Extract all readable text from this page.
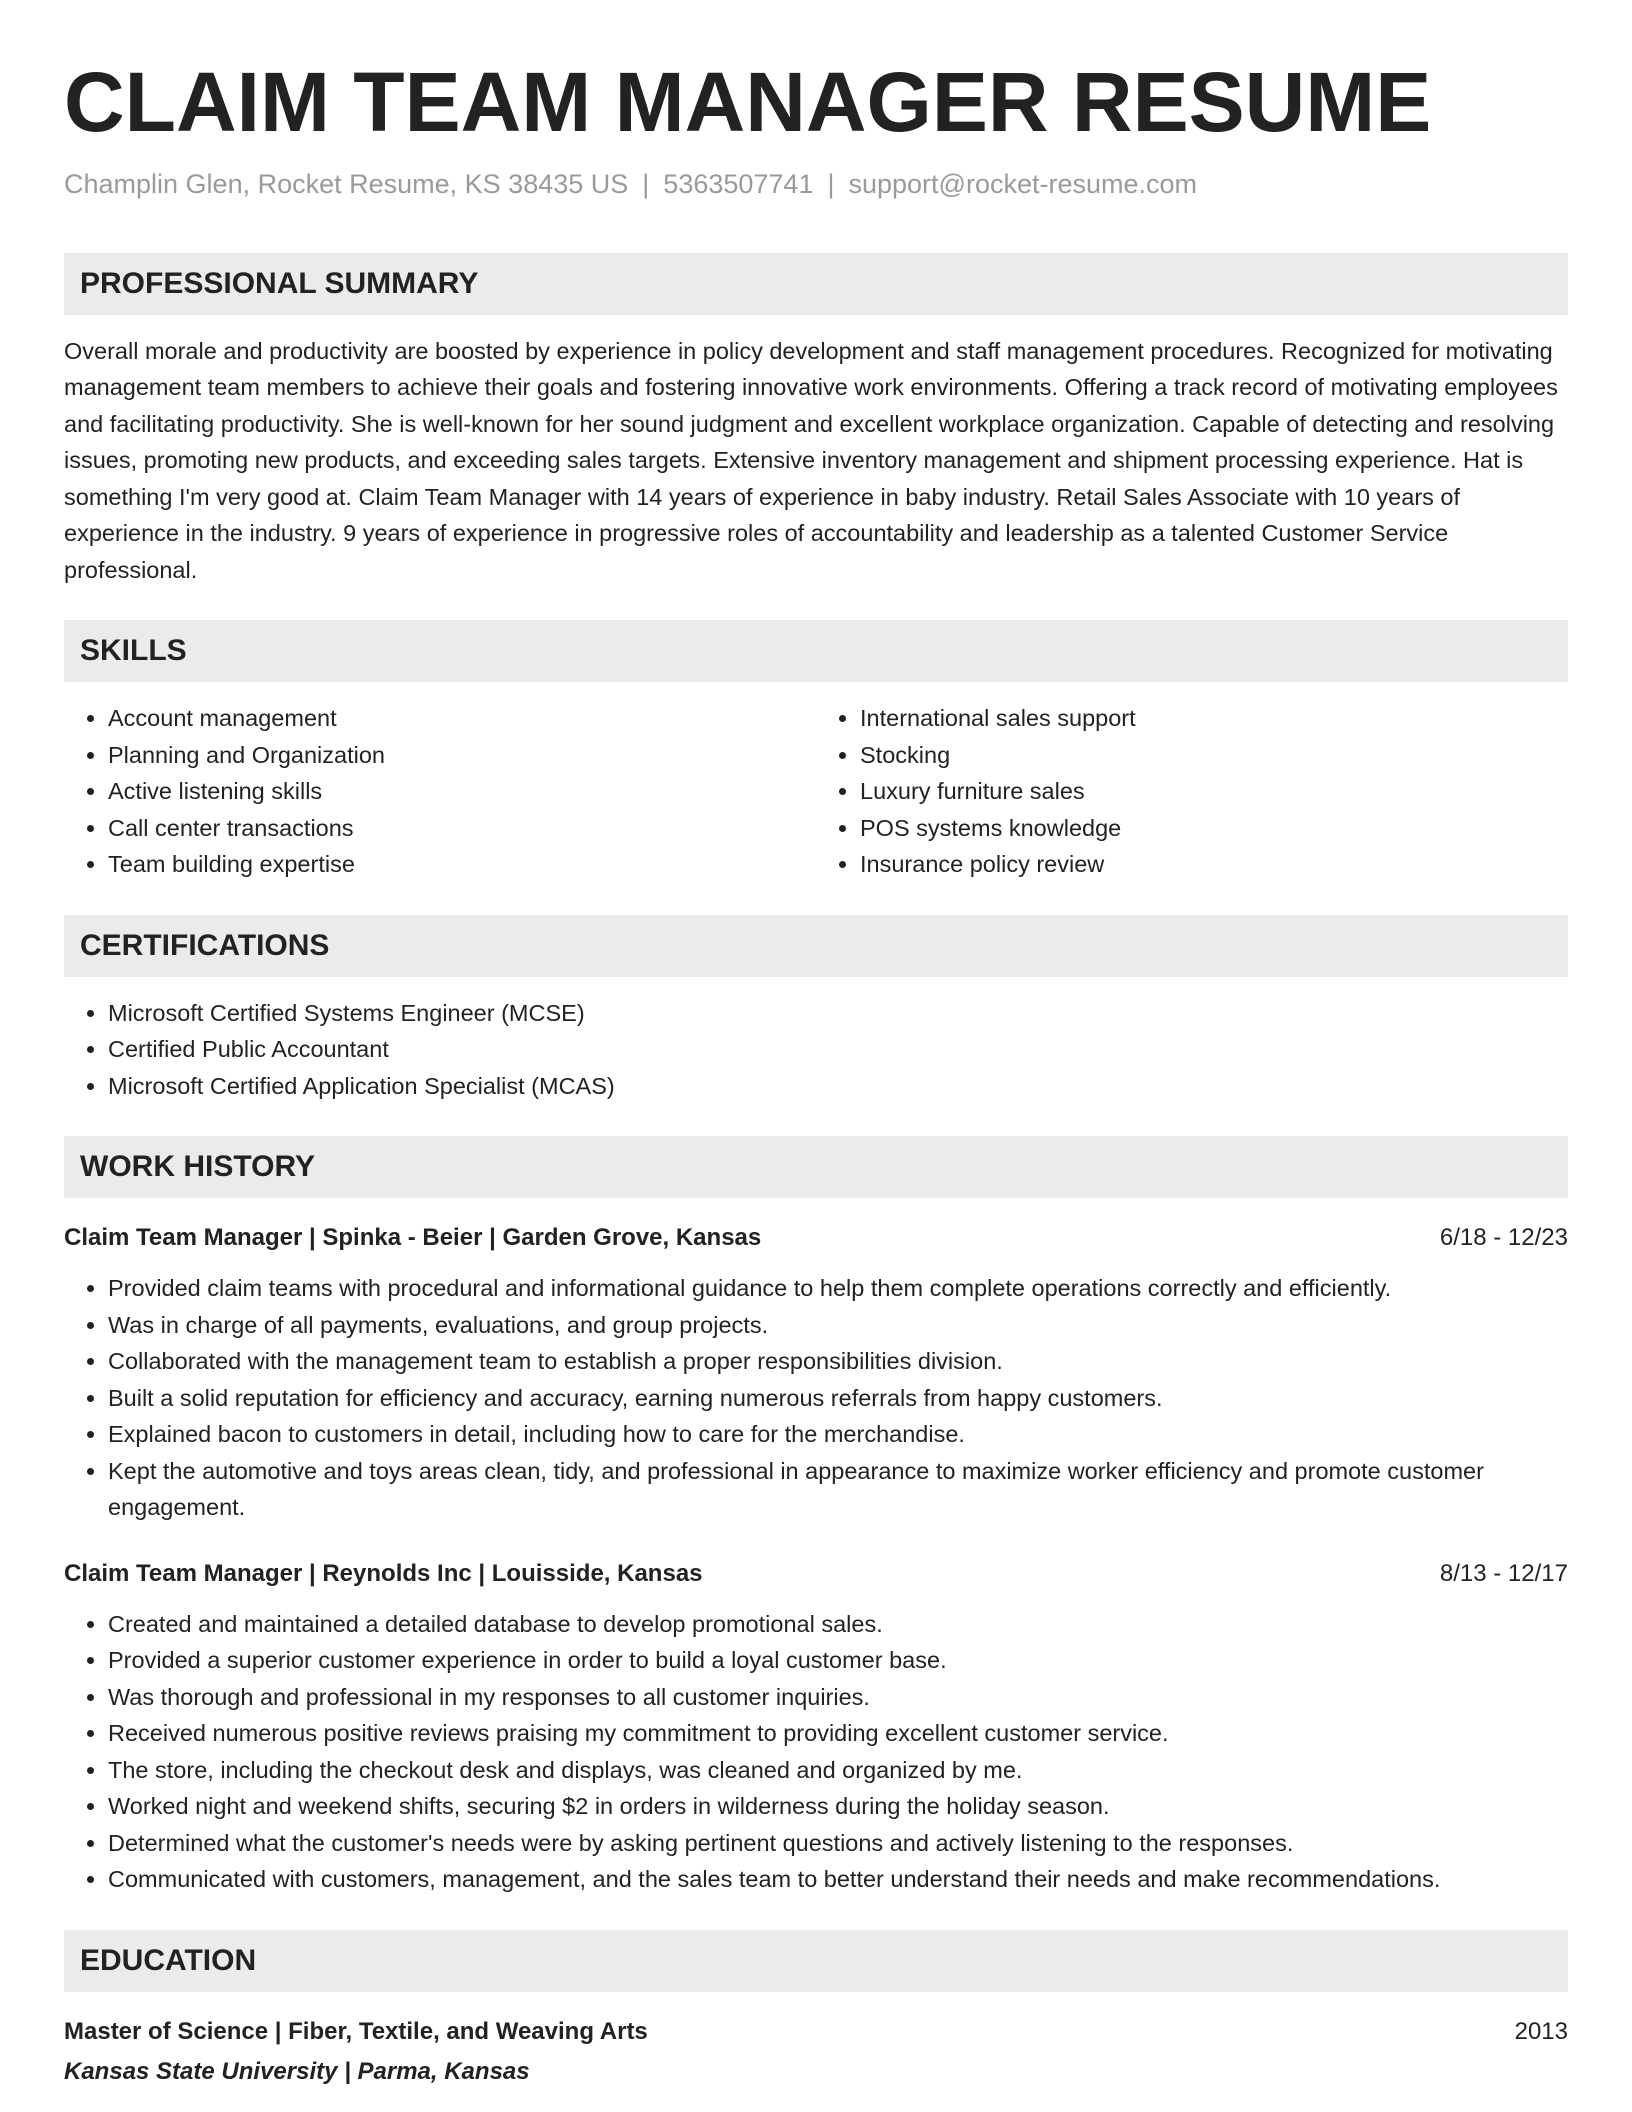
CLAIM TEAM MANAGER RESUME
Champlin Glen, Rocket Resume, KS 38435 US | 5363507741 | support@rocket-resume.com
PROFESSIONAL SUMMARY
Overall morale and productivity are boosted by experience in policy development and staff management procedures. Recognized for motivating management team members to achieve their goals and fostering innovative work environments. Offering a track record of motivating employees and facilitating productivity. She is well-known for her sound judgment and excellent workplace organization. Capable of detecting and resolving issues, promoting new products, and exceeding sales targets. Extensive inventory management and shipment processing experience. Hat is something I'm very good at. Claim Team Manager with 14 years of experience in baby industry. Retail Sales Associate with 10 years of experience in the industry. 9 years of experience in progressive roles of accountability and leadership as a talented Customer Service professional.
SKILLS
• Account management
• Planning and Organization
• Active listening skills
• Call center transactions
• Team building expertise
• International sales support
• Stocking
• Luxury furniture sales
• POS systems knowledge
• Insurance policy review
CERTIFICATIONS
• Microsoft Certified Systems Engineer (MCSE)
• Certified Public Accountant
• Microsoft Certified Application Specialist (MCAS)
WORK HISTORY
Claim Team Manager | Spinka - Beier | Garden Grove, Kansas	6/18 - 12/23
• Provided claim teams with procedural and informational guidance to help them complete operations correctly and efficiently.
• Was in charge of all payments, evaluations, and group projects.
• Collaborated with the management team to establish a proper responsibilities division.
• Built a solid reputation for efficiency and accuracy, earning numerous referrals from happy customers.
• Explained bacon to customers in detail, including how to care for the merchandise.
• Kept the automotive and toys areas clean, tidy, and professional in appearance to maximize worker efficiency and promote customer engagement.
Claim Team Manager | Reynolds Inc | Louisside, Kansas	8/13 - 12/17
• Created and maintained a detailed database to develop promotional sales.
• Provided a superior customer experience in order to build a loyal customer base.
• Was thorough and professional in my responses to all customer inquiries.
• Received numerous positive reviews praising my commitment to providing excellent customer service.
• The store, including the checkout desk and displays, was cleaned and organized by me.
• Worked night and weekend shifts, securing $2 in orders in wilderness during the holiday season.
• Determined what the customer's needs were by asking pertinent questions and actively listening to the responses.
• Communicated with customers, management, and the sales team to better understand their needs and make recommendations.
EDUCATION
Master of Science | Fiber, Textile, and Weaving Arts	2013
Kansas State University | Parma, Kansas
